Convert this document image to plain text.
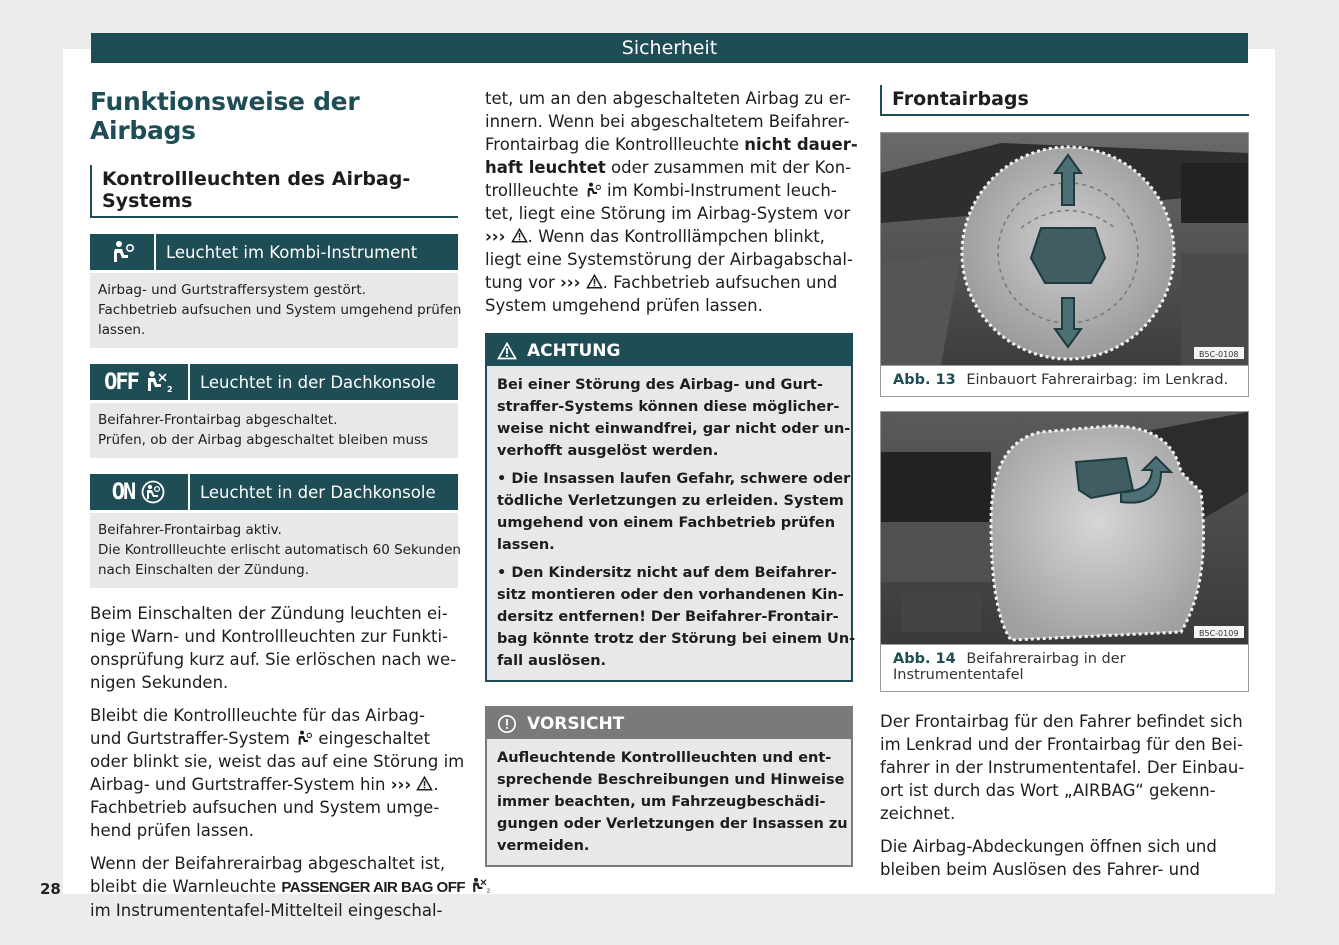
Sicherheit
28
Funktionsweise der Airbags
Kontrollleuchten des Airbag-Systems
Leuchtet im Kombi-Instrument
Airbag- und Gurtstraffersystem gestört.
Fachbetrieb aufsuchen und System umgehend prüfen
lassen.
OFF	2	Leuchtet in der Dachkonsole
Beifahrer-Frontairbag abgeschaltet.
Prüfen, ob der Airbag abgeschaltet bleiben muss
ON	Leuchtet in der Dachkonsole
Beifahrer-Frontairbag aktiv.
Die Kontrollleuchte erlischt automatisch 60 Sekunden
nach Einschalten der Zündung.
Beim Einschalten der Zündung leuchten ei-
nige Warn- und Kontrollleuchten zur Funkti-
onsprüfung kurz auf. Sie erlöschen nach we-
nigen Sekunden.
Bleibt die Kontrollleuchte für das Airbag-
und Gurtstraffer-System eingeschaltet
oder blinkt sie, weist das auf eine Störung im
Airbag- und Gurtstraffer-System hin ››› .
Fachbetrieb aufsuchen und System umge-
hend prüfen lassen.
Wenn der Beifahrerairbag abgeschaltet ist,
bleibt die Warnleuchte PASSENGER AIR BAG OFF	2
im Instrumententafel-Mittelteil eingeschal-
tet, um an den abgeschalteten Airbag zu er-
innern. Wenn bei abgeschaltetem Beifahrer-
Frontairbag die Kontrollleuchte nicht dauer-
haft leuchtet oder zusammen mit der Kon-
trollleuchte im Kombi-Instrument leuch-
tet, liegt eine Störung im Airbag-System vor
››› . Wenn das Kontrolllämpchen blinkt,
liegt eine Systemstörung der Airbagabschal-
tung vor ››› . Fachbetrieb aufsuchen und
System umgehend prüfen lassen.
ACHTUNG
Bei einer Störung des Airbag- und Gurt-
straffer-Systems können diese möglicher-
weise nicht einwandfrei, gar nicht oder un-
verhofft ausgelöst werden.
• Die Insassen laufen Gefahr, schwere oder
tödliche Verletzungen zu erleiden. System
umgehend von einem Fachbetrieb prüfen
lassen.
• Den Kindersitz nicht auf dem Beifahrer-
sitz montieren oder den vorhandenen Kin-
dersitz entfernen! Der Beifahrer-Frontair-
bag könnte trotz der Störung bei einem Un-
fall auslösen.
VORSICHT
Aufleuchtende Kontrollleuchten und ent-
sprechende Beschreibungen und Hinweise
immer beachten, um Fahrzeugbeschädi-
gungen oder Verletzungen der Insassen zu
vermeiden.
Frontairbags
B5C-0108
Abb. 13 Einbauort Fahrerairbag: im Lenkrad.
B5C-0109
Abb. 14 Beifahrerairbag in der Instrumententafel
Der Frontairbag für den Fahrer befindet sich
im Lenkrad und der Frontairbag für den Bei-
fahrer in der Instrumententafel. Der Einbau-
ort ist durch das Wort „AIRBAG“ gekenn-
zeichnet.
Die Airbag-Abdeckungen öffnen sich und
bleiben beim Auslösen des Fahrer- und
